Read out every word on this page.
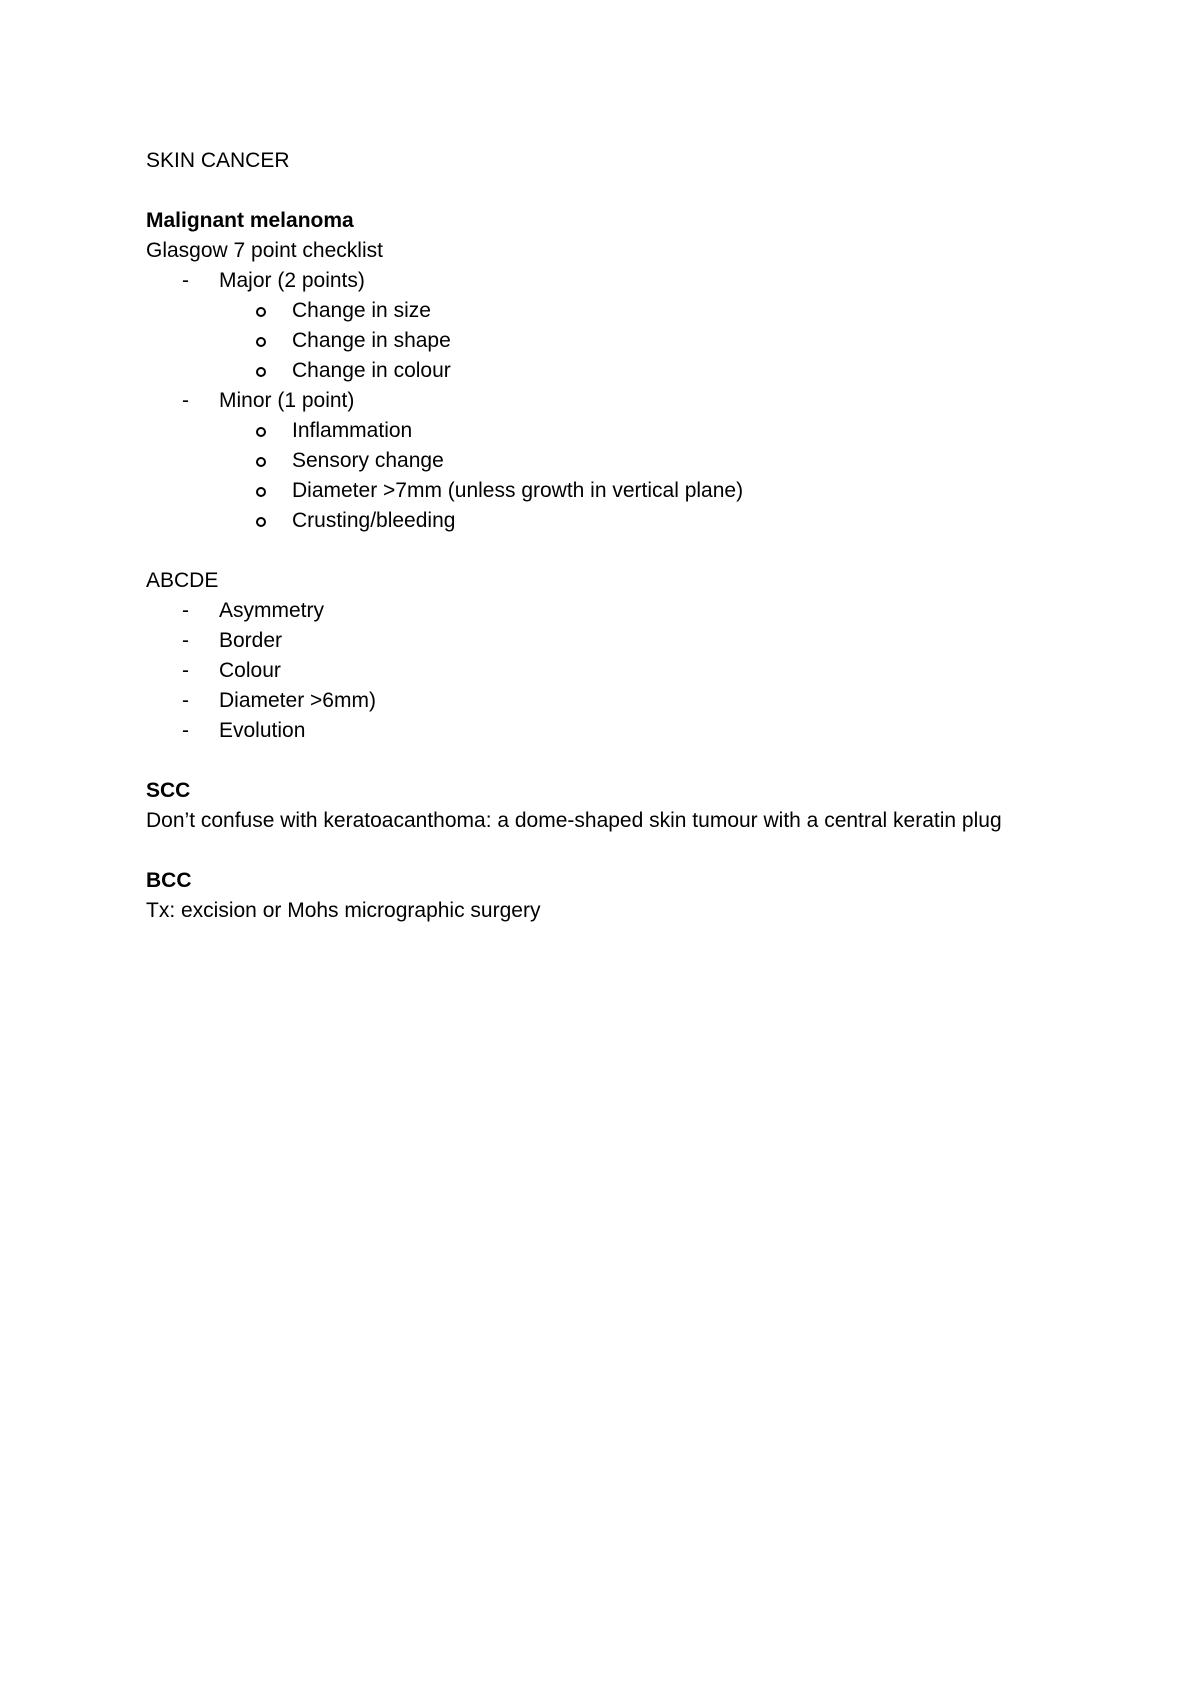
SKIN CANCER
Malignant melanoma
Glasgow 7 point checklist
- Major (2 points)
Change in size
Change in shape
Change in colour
- Minor (1 point)
Inflammation
Sensory change
Diameter >7mm (unless growth in vertical plane)
Crusting/bleeding
ABCDE
- Asymmetry
- Border
- Colour
- Diameter >6mm)
- Evolution
SCC
Don’t confuse with keratoacanthoma: a dome-shaped skin tumour with a central keratin plug
BCC
Tx: excision or Mohs micrographic surgery
